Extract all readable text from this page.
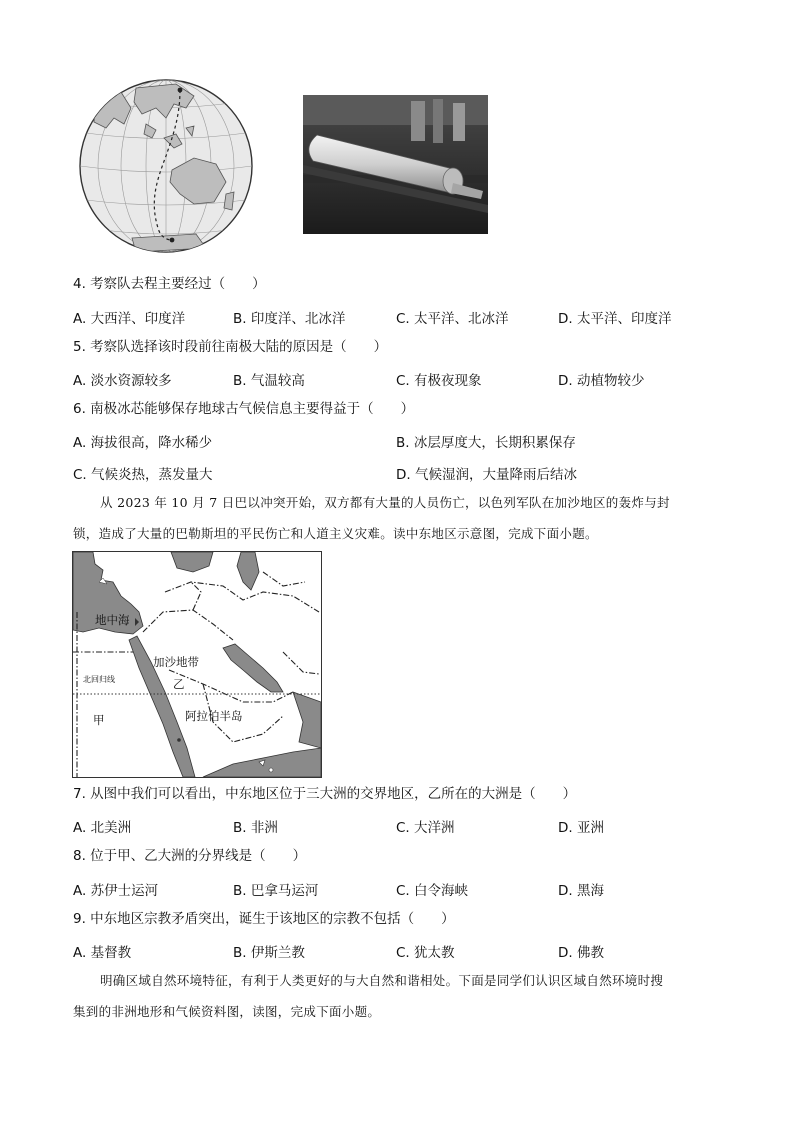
4. 考察队去程主要经过（　　）
A. 大西洋、印度洋	B. 印度洋、北冰洋	C. 太平洋、北冰洋	D. 太平洋、印度洋
5. 考察队选择该时段前往南极大陆的原因是（　　）
A. 淡水资源较多	B. 气温较高	C. 有极夜现象	D. 动植物较少
6. 南极冰芯能够保存地球古气候信息主要得益于（　　）
A. 海拔很高，降水稀少	B. 冰层厚度大，长期积累保存
C. 气候炎热，蒸发量大	D. 气候湿润，大量降雨后结冰
从 2023 年 10 月 7 日巴以冲突开始，双方都有大量的人员伤亡，以色列军队在加沙地区的轰炸与封
锁，造成了大量的巴勒斯坦的平民伤亡和人道主义灾难。读中东地区示意图，完成下面小题。
地中海
加沙地带
乙
北回归线
甲	阿拉伯半岛
7. 从图中我们可以看出，中东地区位于三大洲的交界地区，乙所在的大洲是（　　）
A. 北美洲	B. 非洲	C. 大洋洲	D. 亚洲
8. 位于甲、乙大洲的分界线是（　　）
A. 苏伊士运河	B. 巴拿马运河	C. 白令海峡	D. 黑海
9. 中东地区宗教矛盾突出，诞生于该地区的宗教不包括（　　）
A. 基督教	B. 伊斯兰教	C. 犹太教	D. 佛教
明确区域自然环境特征，有利于人类更好的与大自然和谐相处。下面是同学们认识区域自然环境时搜
集到的非洲地形和气候资料图，读图，完成下面小题。
